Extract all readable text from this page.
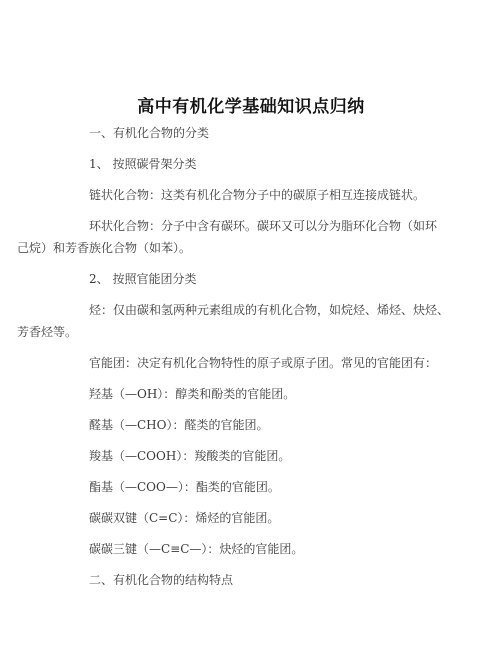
高中有机化学基础知识点归纳
一、有机化合物的分类
1、 按照碳骨架分类
链状化合物：这类有机化合物分子中的碳原子相互连接成链状。
环状化合物：分子中含有碳环。碳环又可以分为脂环化合物（如环
己烷）和芳香族化合物（如苯）。
2、 按照官能团分类
烃：仅由碳和氢两种元素组成的有机化合物，如烷烃、烯烃、炔烃、
芳香烃等。
官能团：决定有机化合物特性的原子或原子团。常见的官能团有：
羟基（—OH）：醇类和酚类的官能团。
醛基（—CHO）：醛类的官能团。
羧基（—COOH）：羧酸类的官能团。
酯基（—COO—）：酯类的官能团。
碳碳双键（C=C）：烯烃的官能团。
碳碳三键（—C≡C—）：炔烃的官能团。
二、有机化合物的结构特点
